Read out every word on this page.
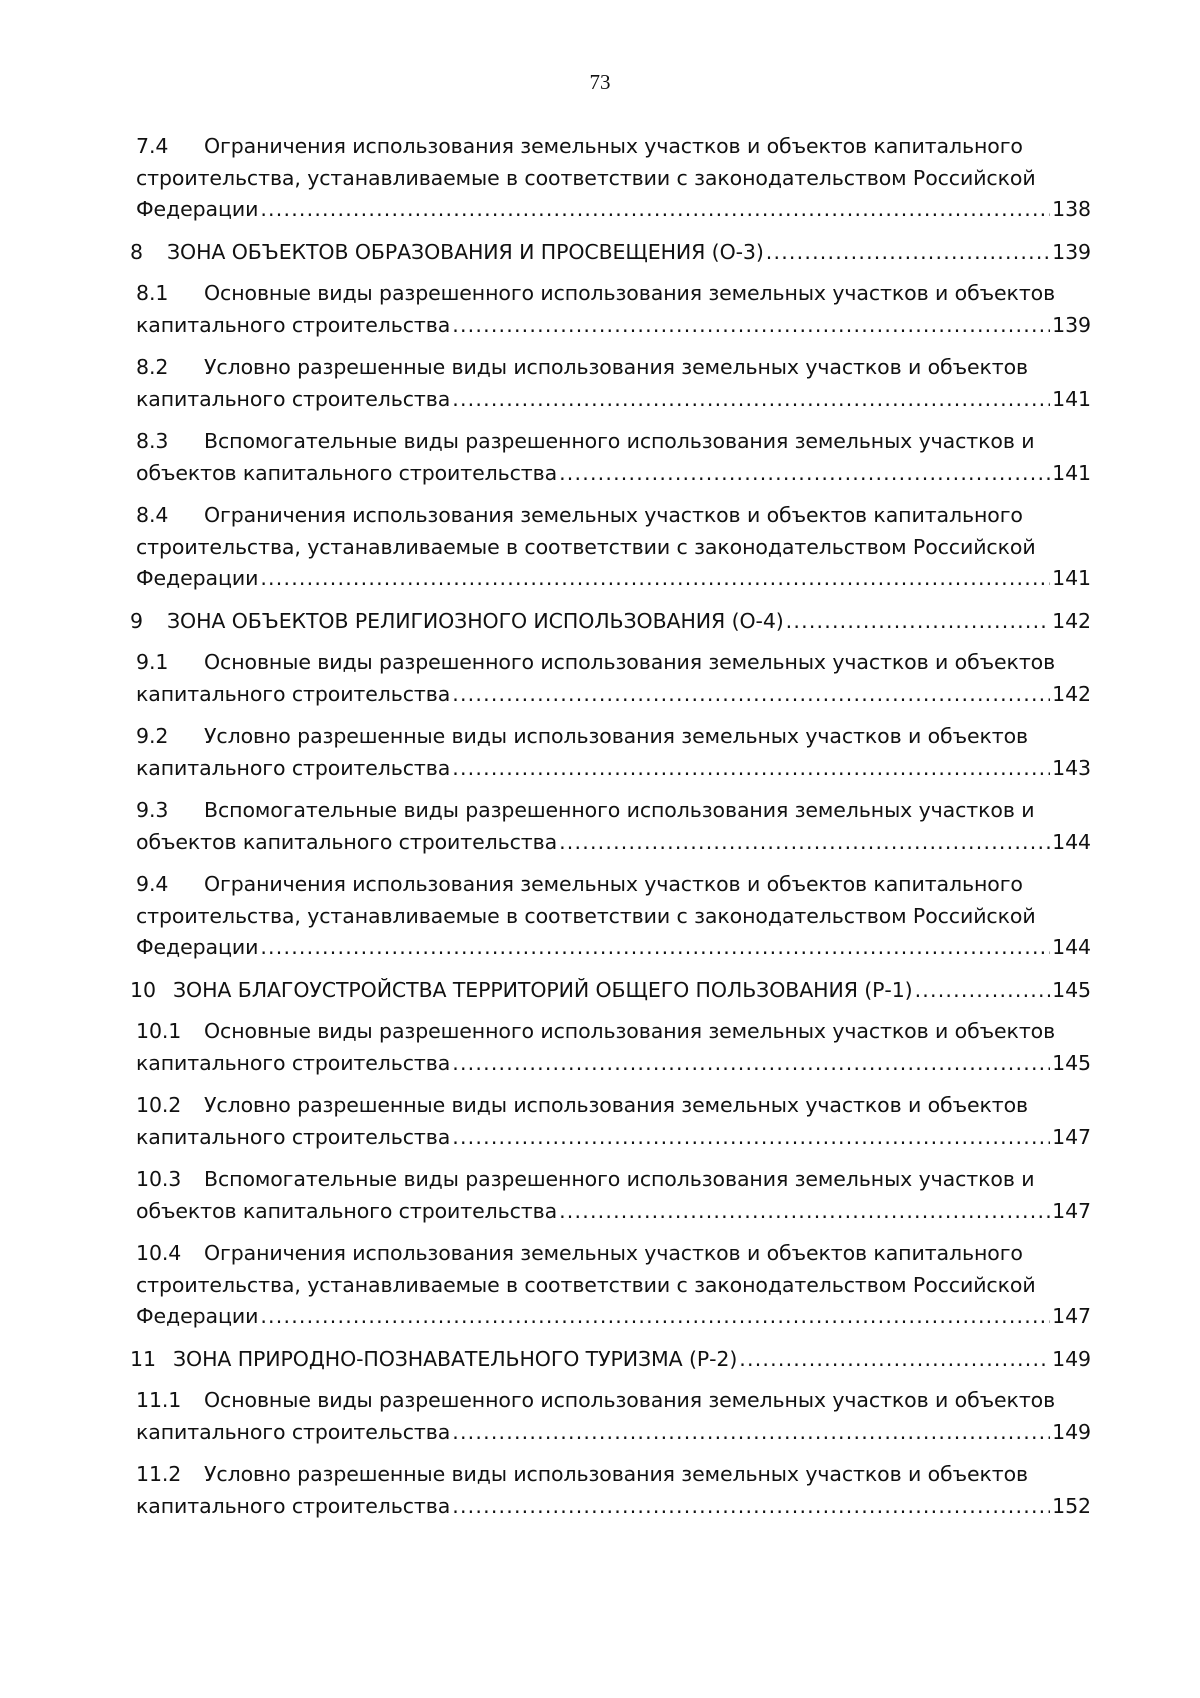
73
7.4	Ограничения использования земельных участков и объектов капитального
строительства, устанавливаемые в соответствии с законодательством Российской
Федерации .....	138
8	ЗОНА ОБЪЕКТОВ ОБРАЗОВАНИЯ И ПРОСВЕЩЕНИЯ (О-3) .....	139
8.1	Основные виды разрешенного использования земельных участков и объектов
капитального строительства .....	139
8.2	Условно разрешенные виды использования земельных участков и объектов
капитального строительства .....	141
8.3	Вспомогательные виды разрешенного использования земельных участков и
объектов капитального строительства .....	141
8.4	Ограничения использования земельных участков и объектов капитального
строительства, устанавливаемые в соответствии с законодательством Российской
Федерации .....	141
9	ЗОНА ОБЪЕКТОВ РЕЛИГИОЗНОГО ИСПОЛЬЗОВАНИЯ (О-4) .....	142
9.1	Основные виды разрешенного использования земельных участков и объектов
капитального строительства .....	142
9.2	Условно разрешенные виды использования земельных участков и объектов
капитального строительства .....	143
9.3	Вспомогательные виды разрешенного использования земельных участков и
объектов капитального строительства .....	144
9.4	Ограничения использования земельных участков и объектов капитального
строительства, устанавливаемые в соответствии с законодательством Российской
Федерации .....	144
10 ЗОНА БЛАГОУСТРОЙСТВА ТЕРРИТОРИЙ ОБЩЕГО ПОЛЬЗОВАНИЯ (Р-1) .....	145
10.1	Основные виды разрешенного использования земельных участков и объектов
капитального строительства .....	145
10.2	Условно разрешенные виды использования земельных участков и объектов
капитального строительства .....	147
10.3	Вспомогательные виды разрешенного использования земельных участков и
объектов капитального строительства .....	147
10.4	Ограничения использования земельных участков и объектов капитального
строительства, устанавливаемые в соответствии с законодательством Российской
Федерации .....	147
11 ЗОНА ПРИРОДНО-ПОЗНАВАТЕЛЬНОГО ТУРИЗМА (Р-2) .....	149
11.1	Основные виды разрешенного использования земельных участков и объектов
капитального строительства .....	149
11.2	Условно разрешенные виды использования земельных участков и объектов
капитального строительства .....	152
